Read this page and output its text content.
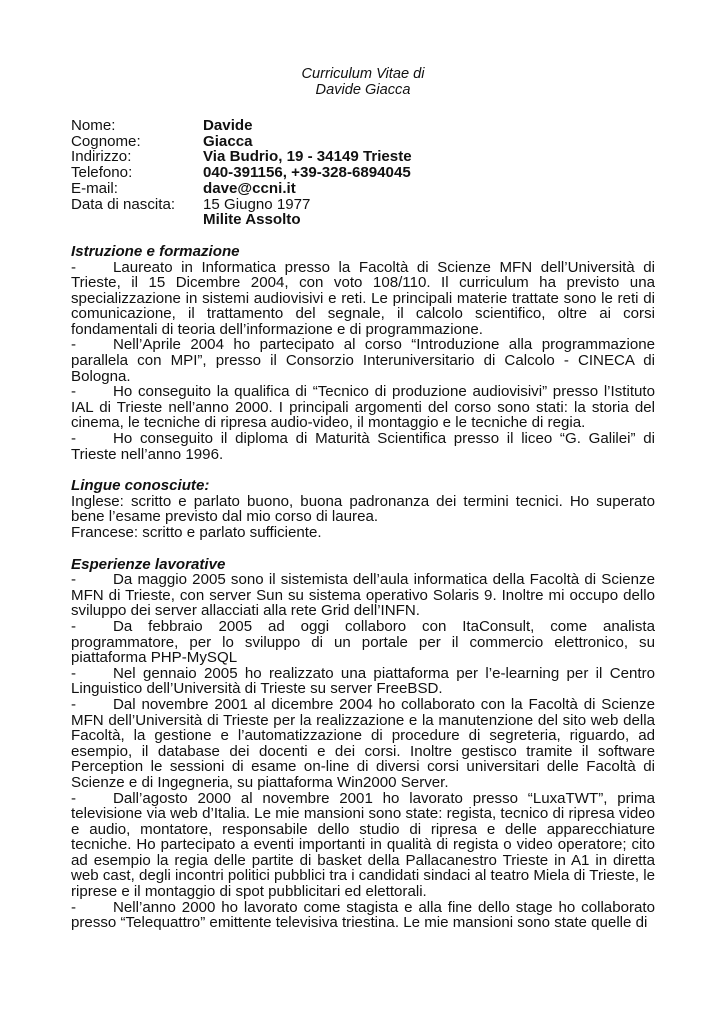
Curriculum Vitae di
Davide Giacca
Nome:	Davide
Cognome:	Giacca
Indirizzo:	Via Budrio, 19 - 34149 Trieste
Telefono:	040-391156, +39-328-6894045
E-mail:	dave@ccni.it
Data di nascita:	15 Giugno 1977
	Milite Assolto
Istruzione e formazione
- Laureato in Informatica presso la Facoltà di Scienze MFN dell’Università di Trieste, il 15 Dicembre 2004, con voto 108/110. Il curriculum ha previsto una specializzazione in sistemi audiovisivi e reti. Le principali materie trattate sono le reti di comunicazione, il trattamento del segnale, il calcolo scientifico, oltre ai corsi fondamentali di teoria dell’informazione e di programmazione.
- Nell’Aprile 2004 ho partecipato al corso “Introduzione alla programmazione parallela con MPI”, presso il Consorzio Interuniversitario di Calcolo - CINECA di Bologna.
- Ho conseguito la qualifica di “Tecnico di produzione audiovisivi” presso l’Istituto IAL di Trieste nell’anno 2000. I principali argomenti del corso sono stati: la storia del cinema, le tecniche di ripresa audio-video, il montaggio e le tecniche di regia.
- Ho conseguito il diploma di Maturità Scientifica presso il liceo “G. Galilei” di Trieste nell’anno 1996.
Lingue conosciute:
Inglese: scritto e parlato buono, buona padronanza dei termini tecnici. Ho superato bene l’esame previsto dal mio corso di laurea.
Francese: scritto e parlato sufficiente.
Esperienze lavorative
- Da maggio 2005 sono il sistemista dell’aula informatica della Facoltà di Scienze MFN di Trieste, con server Sun su sistema operativo Solaris 9. Inoltre mi occupo dello sviluppo dei server allacciati alla rete Grid dell’INFN.
- Da febbraio 2005 ad oggi collaboro con ItaConsult, come analista programmatore, per lo sviluppo di un portale per il commercio elettronico, su piattaforma PHP-MySQL
- Nel gennaio 2005 ho realizzato una piattaforma per l’e-learning per il Centro Linguistico dell’Università di Trieste su server FreeBSD.
- Dal novembre 2001 al dicembre 2004 ho collaborato con la Facoltà di Scienze MFN dell’Università di Trieste per la realizzazione e la manutenzione del sito web della Facoltà, la gestione e l’automatizzazione di procedure di segreteria, riguardo, ad esempio, il database dei docenti e dei corsi. Inoltre gestisco tramite il software Perception le sessioni di esame on-line di diversi corsi universitari delle Facoltà di Scienze e di Ingegneria, su piattaforma Win2000 Server.
- Dall’agosto 2000 al novembre 2001 ho lavorato presso “LuxaTWT”, prima televisione via web d’Italia. Le mie mansioni sono state: regista, tecnico di ripresa video e audio, montatore, responsabile dello studio di ripresa e delle apparecchiature tecniche. Ho partecipato a eventi importanti in qualità di regista o video operatore; cito ad esempio la regia delle partite di basket della Pallacanestro Trieste in A1 in diretta web cast, degli incontri politici pubblici tra i candidati sindaci al teatro Miela di Trieste, le riprese e il montaggio di spot pubblicitari ed elettorali.
- Nell’anno 2000 ho lavorato come stagista e alla fine dello stage ho collaborato presso “Telequattro” emittente televisiva triestina. Le mie mansioni sono state quelle di
